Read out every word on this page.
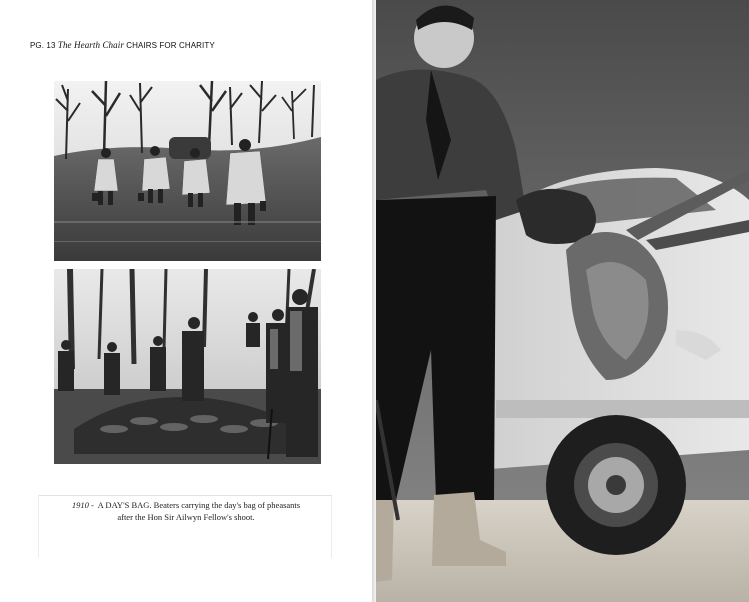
PG. 13 The Hearth Chair CHAIRS FOR CHARITY
1910 - A DAY'S BAG. Beaters carrying the day's bag of pheasants
after the Hon Sir Ailwyn Fellow's shoot.
